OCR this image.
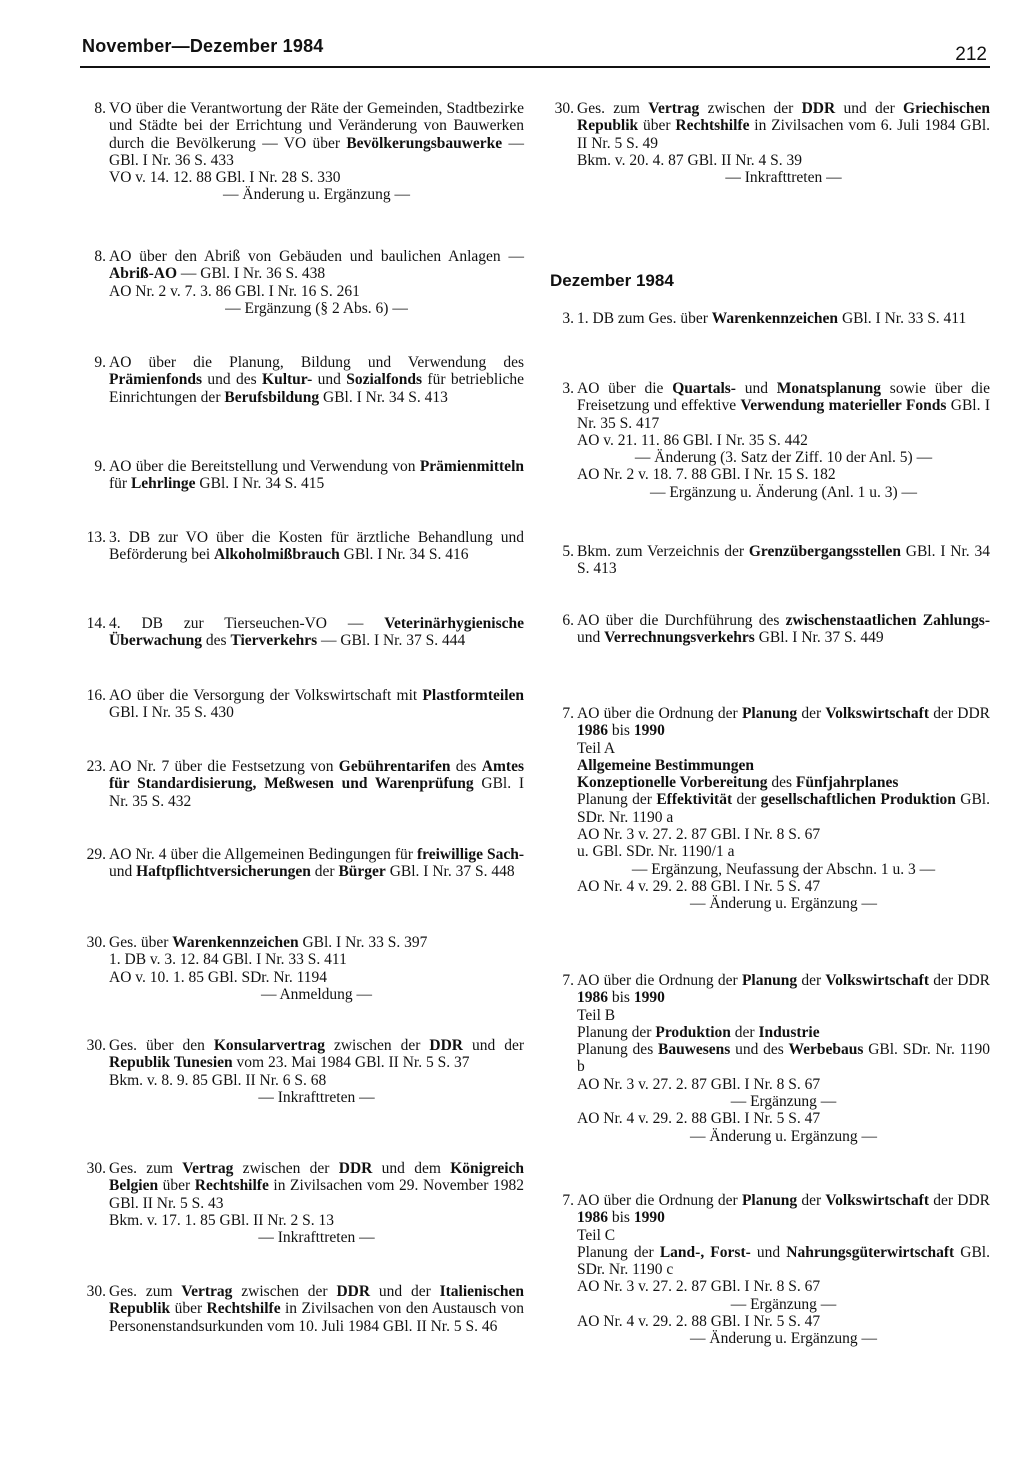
November—Dezember 1984	212
8. VO über die Verantwortung der Räte der Gemeinden, Stadtbezirke und Städte bei der Errichtung und Veränderung von Bauwerken durch die Bevölkerung — VO über Bevölkerungsbauwerke — GBl. I Nr. 36 S. 433
VO v. 14. 12. 88 GBl. I Nr. 28 S. 330
— Änderung u. Ergänzung —
8. AO über den Abriß von Gebäuden und baulichen Anlagen — Abriß-AO — GBl. I Nr. 36 S. 438
AO Nr. 2 v. 7. 3. 86 GBl. I Nr. 16 S. 261
— Ergänzung (§ 2 Abs. 6) —
9. AO über die Planung, Bildung und Verwendung des Prämienfonds und des Kultur- und Sozialfonds für betriebliche Einrichtungen der Berufsbildung GBl. I Nr. 34 S. 413
9. AO über die Bereitstellung und Verwendung von Prämienmitteln für Lehrlinge GBl. I Nr. 34 S. 415
13. 3. DB zur VO über die Kosten für ärztliche Behandlung und Beförderung bei Alkoholmißbrauch GBl. I Nr. 34 S. 416
14. 4. DB zur Tierseuchen-VO — Veterinärhygienische Überwachung des Tierverkehrs — GBl. I Nr. 37 S. 444
16. AO über die Versorgung der Volkswirtschaft mit Plastformteilen GBl. I Nr. 35 S. 430
23. AO Nr. 7 über die Festsetzung von Gebührentarifen des Amtes für Standardisierung, Meßwesen und Warenprüfung GBl. I Nr. 35 S. 432
29. AO Nr. 4 über die Allgemeinen Bedingungen für freiwillige Sach- und Haftpflichtversicherungen der Bürger GBl. I Nr. 37 S. 448
30. Ges. über Warenkennzeichen GBl. I Nr. 33 S. 397
1. DB v. 3. 12. 84 GBl. I Nr. 33 S. 411
AO v. 10. 1. 85 GBl. SDr. Nr. 1194
— Anmeldung —
30. Ges. über den Konsularvertrag zwischen der DDR und der Republik Tunesien vom 23. Mai 1984 GBl. II Nr. 5 S. 37
Bkm. v. 8. 9. 85 GBl. II Nr. 6 S. 68
— Inkrafttreten —
30. Ges. zum Vertrag zwischen der DDR und dem Königreich Belgien über Rechtshilfe in Zivilsachen vom 29. November 1982 GBl. II Nr. 5 S. 43
Bkm. v. 17. 1. 85 GBl. II Nr. 2 S. 13
— Inkrafttreten —
30. Ges. zum Vertrag zwischen der DDR und der Italienischen Republik über Rechtshilfe in Zivilsachen von den Austausch von Personenstandsurkunden vom 10. Juli 1984 GBl. II Nr. 5 S. 46
Dezember 1984
30. Ges. zum Vertrag zwischen der DDR und der Griechischen Republik über Rechtshilfe in Zivilsachen vom 6. Juli 1984 GBl. II Nr. 5 S. 49
Bkm. v. 20. 4. 87 GBl. II Nr. 4 S. 39
— Inkrafttreten —
3. 1. DB zum Ges. über Warenkennzeichen GBl. I Nr. 33 S. 411
3. AO über die Quartals- und Monatsplanung sowie über die Freisetzung und effektive Verwendung materieller Fonds GBl. I Nr. 35 S. 417
AO v. 21. 11. 86 GBl. I Nr. 35 S. 442
— Änderung (3. Satz der Ziff. 10 der Anl. 5) —
AO Nr. 2 v. 18. 7. 88 GBl. I Nr. 15 S. 182
— Ergänzung u. Änderung (Anl. 1 u. 3) —
5. Bkm. zum Verzeichnis der Grenzübergangsstellen GBl. I Nr. 34 S. 413
6. AO über die Durchführung des zwischenstaatlichen Zahlungs- und Verrechnungsverkehrs GBl. I Nr. 37 S. 449
7. AO über die Ordnung der Planung der Volkswirtschaft der DDR 1986 bis 1990
Teil A
Allgemeine Bestimmungen
Konzeptionelle Vorbereitung des Fünfjahrplanes
Planung der Effektivität der gesellschaftlichen Produktion GBl. SDr. Nr. 1190 a
AO Nr. 3 v. 27. 2. 87 GBl. I Nr. 8 S. 67
u. GBl. SDr. Nr. 1190/1 a
— Ergänzung, Neufassung der Abschn. 1 u. 3 —
AO Nr. 4 v. 29. 2. 88 GBl. I Nr. 5 S. 47
— Änderung u. Ergänzung —
7. AO über die Ordnung der Planung der Volkswirtschaft der DDR 1986 bis 1990
Teil B
Planung der Produktion der Industrie
Planung des Bauwesens und des Werbebaus GBl. SDr. Nr. 1190 b
AO Nr. 3 v. 27. 2. 87 GBl. I Nr. 8 S. 67
— Ergänzung —
AO Nr. 4 v. 29. 2. 88 GBl. I Nr. 5 S. 47
— Änderung u. Ergänzung —
7. AO über die Ordnung der Planung der Volkswirtschaft der DDR 1986 bis 1990
Teil C
Planung der Land-, Forst- und Nahrungsgüterwirtschaft GBl. SDr. Nr. 1190 c
AO Nr. 3 v. 27. 2. 87 GBl. I Nr. 8 S. 67
— Ergänzung —
AO Nr. 4 v. 29. 2. 88 GBl. I Nr. 5 S. 47
— Änderung u. Ergänzung —
